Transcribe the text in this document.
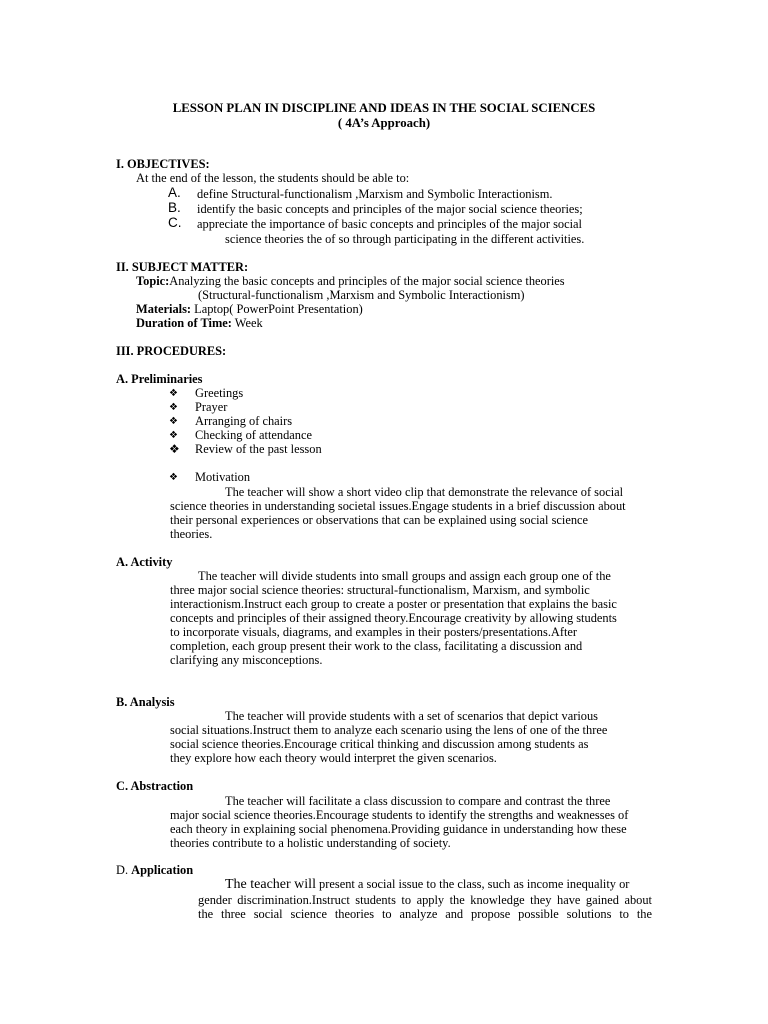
LESSON PLAN IN DISCIPLINE AND IDEAS IN THE SOCIAL SCIENCES
( 4A’s Approach)
I. OBJECTIVES:
At the end of the lesson, the students should be able to:
A. define Structural-functionalism ,Marxism and Symbolic Interactionism.
B. identify the basic concepts and principles of the major social science theories;
C. appreciate the importance of basic concepts and principles of the major social
science theories the of so through participating in the different activities.
II. SUBJECT MATTER:
Topic:Analyzing the basic concepts and principles of the major social science theories
(Structural-functionalism ,Marxism and Symbolic Interactionism)
Materials: Laptop( PowerPoint Presentation)
Duration of Time: Week
III. PROCEDURES:
A. Preliminaries
❖ Greetings
❖ Prayer
❖ Arranging of chairs
❖ Checking of attendance
❖ Review of the past lesson
❖ Motivation
The teacher will show a short video clip that demonstrate the relevance of social
science theories in understanding societal issues.Engage students in a brief discussion about
their personal experiences or observations that can be explained using social science
theories.
A. Activity
The teacher will divide students into small groups and assign each group one of the
three major social science theories: structural-functionalism, Marxism, and symbolic
interactionism.Instruct each group to create a poster or presentation that explains the basic
concepts and principles of their assigned theory.Encourage creativity by allowing students
to incorporate visuals, diagrams, and examples in their posters/presentations.After
completion, each group present their work to the class, facilitating a discussion and
clarifying any misconceptions.
B. Analysis
The teacher will provide students with a set of scenarios that depict various
social situations.Instruct them to analyze each scenario using the lens of one of the three
social science theories.Encourage critical thinking and discussion among students as
they explore how each theory would interpret the given scenarios.
C. Abstraction
The teacher will facilitate a class discussion to compare and contrast the three
major social science theories.Encourage students to identify the strengths and weaknesses of
each theory in explaining social phenomena.Providing guidance in understanding how these
theories contribute to a holistic understanding of society.
D. Application
The teacher will present a social issue to the class, such as income inequality or
gender discrimination.Instruct students to apply the knowledge they have gained about
the three social science theories to analyze and propose possible solutions to the
